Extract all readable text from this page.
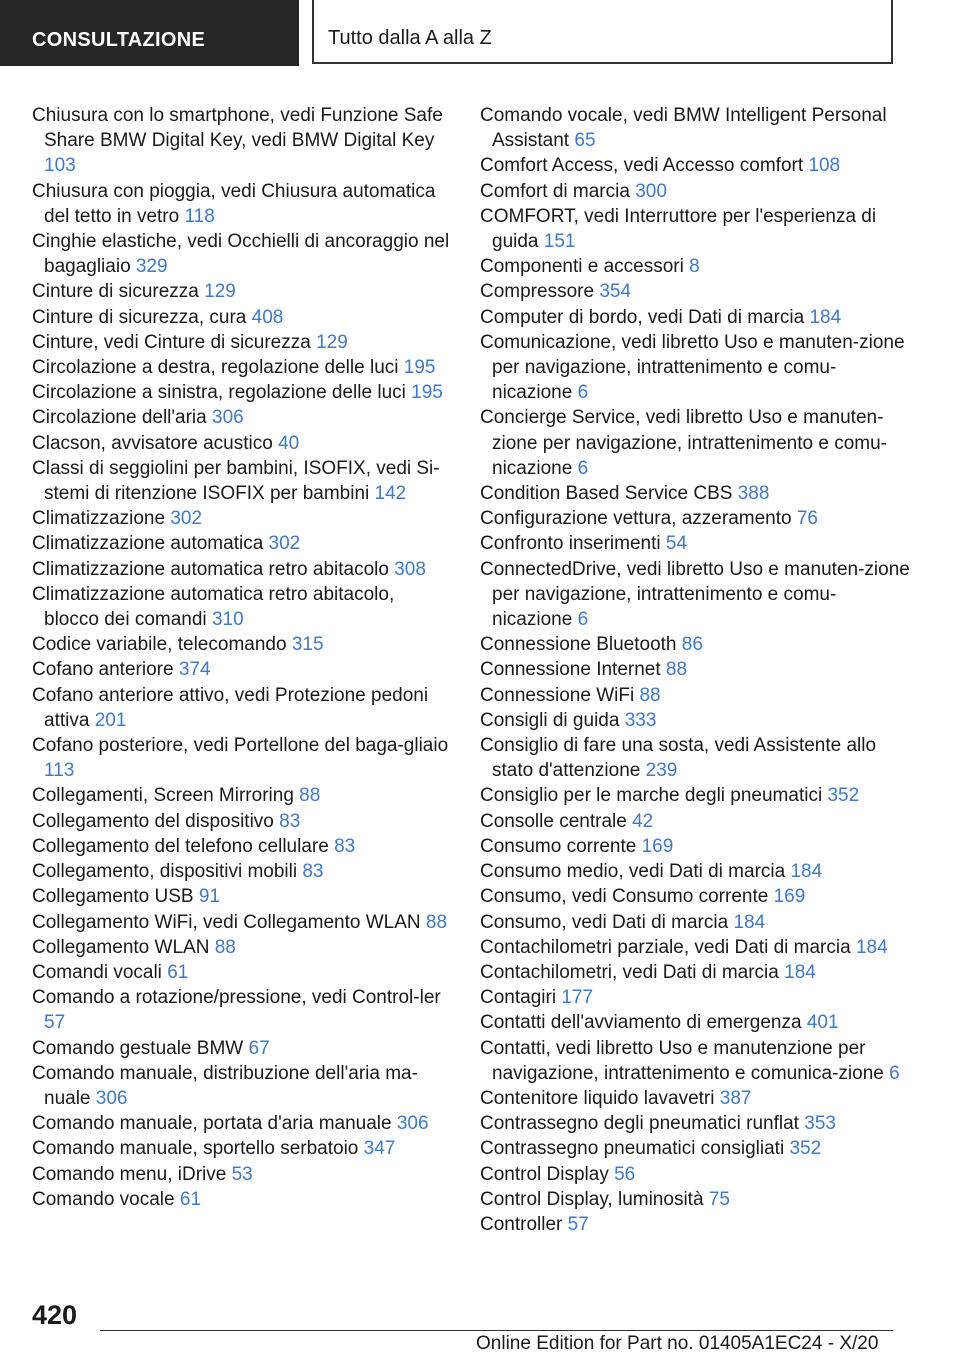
CONSULTAZIONE	Tutto dalla A alla Z

Chiusura con lo smartphone, vedi Funzione Safe Share BMW Digital Key, vedi BMW Digital Key 103

Chiusura con pioggia, vedi Chiusura automatica del tetto in vetro 118

Cinghie elastiche, vedi Occhielli di ancoraggio nel bagagliaio 329

Cinture di sicurezza 129

Cinture di sicurezza, cura 408

Cinture, vedi Cinture di sicurezza 129

Circolazione a destra, regolazione delle luci 195

Circolazione a sinistra, regolazione delle luci 195

Circolazione dell'aria 306

Clacson, avvisatore acustico 40

Classi di seggiolini per bambini, ISOFIX, vedi Si-stemi di ritenzione ISOFIX per bambini 142

Climatizzazione 302

Climatizzazione automatica 302

Climatizzazione automatica retro abitacolo 308

Climatizzazione automatica retro abitacolo, blocco dei comandi 310

Codice variabile, telecomando 315

Cofano anteriore 374

Cofano anteriore attivo, vedi Protezione pedoni attiva 201

Cofano posteriore, vedi Portellone del baga-gliaio 113

Collegamenti, Screen Mirroring 88

Collegamento del dispositivo 83

Collegamento del telefono cellulare 83

Collegamento, dispositivi mobili 83

Collegamento USB 91

Collegamento WiFi, vedi Collegamento WLAN 88

Collegamento WLAN 88

Comandi vocali 61

Comando a rotazione/pressione, vedi Control-ler 57

Comando gestuale BMW 67

Comando manuale, distribuzione dell'aria ma-nuale 306

Comando manuale, portata d'aria manuale 306

Comando manuale, sportello serbatoio 347

Comando menu, iDrive 53

Comando vocale 61

Comando vocale, vedi BMW Intelligent Personal Assistant 65

Comfort Access, vedi Accesso comfort 108

Comfort di marcia 300

COMFORT, vedi Interruttore per l'esperienza di guida 151

Componenti e accessori 8

Compressore 354

Computer di bordo, vedi Dati di marcia 184

Comunicazione, vedi libretto Uso e manuten-zione per navigazione, intrattenimento e comu-nicazione 6

Concierge Service, vedi libretto Uso e manuten-zione per navigazione, intrattenimento e comu-nicazione 6

Condition Based Service CBS 388

Configurazione vettura, azzeramento 76

Confronto inserimenti 54

ConnectedDrive, vedi libretto Uso e manuten-zione per navigazione, intrattenimento e comu-nicazione 6

Connessione Bluetooth 86

Connessione Internet 88

Connessione WiFi 88

Consigli di guida 333

Consiglio di fare una sosta, vedi Assistente allo stato d'attenzione 239

Consiglio per le marche degli pneumatici 352

Consolle centrale 42

Consumo corrente 169

Consumo medio, vedi Dati di marcia 184

Consumo, vedi Consumo corrente 169

Consumo, vedi Dati di marcia 184

Contachilometri parziale, vedi Dati di marcia 184

Contachilometri, vedi Dati di marcia 184

Contagiri 177

Contatti dell'avviamento di emergenza 401

Contatti, vedi libretto Uso e manutenzione per navigazione, intrattenimento e comunica-zione 6

Contenitore liquido lavavetri 387

Contrassegno degli pneumatici runflat 353

Contrassegno pneumatici consigliati 352

Control Display 56

Control Display, luminosità 75

Controller 57

420
Online Edition for Part no. 01405A1EC24 - X/20
